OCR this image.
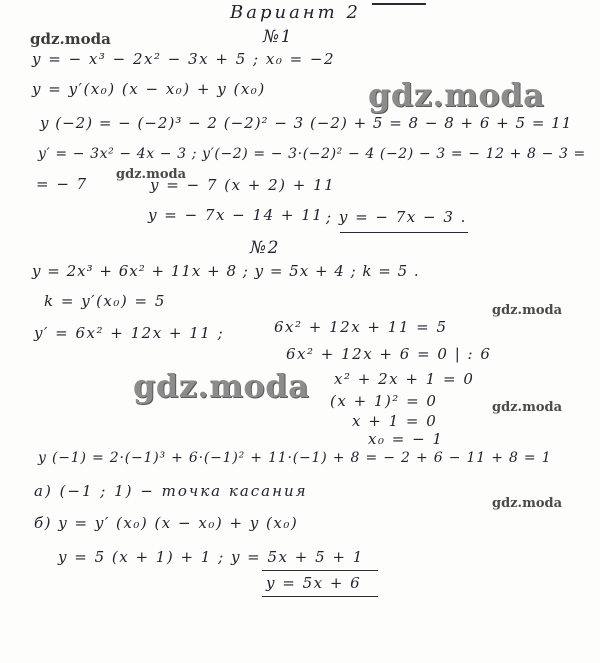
Вариант 2
gdz.moda
gdz.moda
gdz.moda
gdz.moda
gdz.moda
gdz.moda
gdz.moda
№1
y = − x³ − 2x² − 3x + 5 ; x₀ = −2
y = y′(x₀) (x − x₀) + y (x₀)
y (−2) = − (−2)³ − 2 (−2)² − 3 (−2) + 5 = 8 − 8 + 6 + 5 = 11
y′ = − 3x² − 4x − 3 ; y′(−2) = − 3·(−2)² − 4 (−2) − 3 = − 12 + 8 − 3 =
= − 7	y = − 7 (x + 2) + 11
y = − 7x − 14 + 11 ; y = − 7x − 3 .
№2
y = 2x³ + 6x² + 11x + 8 ; y = 5x + 4 ; k = 5 .
k = y′(x₀) = 5
y′ = 6x² + 12x + 11 ;	6x² + 12x + 11 = 5
6x² + 12x + 6 = 0 | : 6
x² + 2x + 1 = 0
(x + 1)² = 0
x + 1 = 0
x₀ = − 1
y (−1) = 2·(−1)³ + 6·(−1)² + 11·(−1) + 8 = − 2 + 6 − 11 + 8 = 1
а) (−1 ; 1) − точка касания
б) y = y′ (x₀) (x − x₀) + y (x₀)
y = 5 (x + 1) + 1 ; y = 5x + 5 + 1
y = 5x + 6
